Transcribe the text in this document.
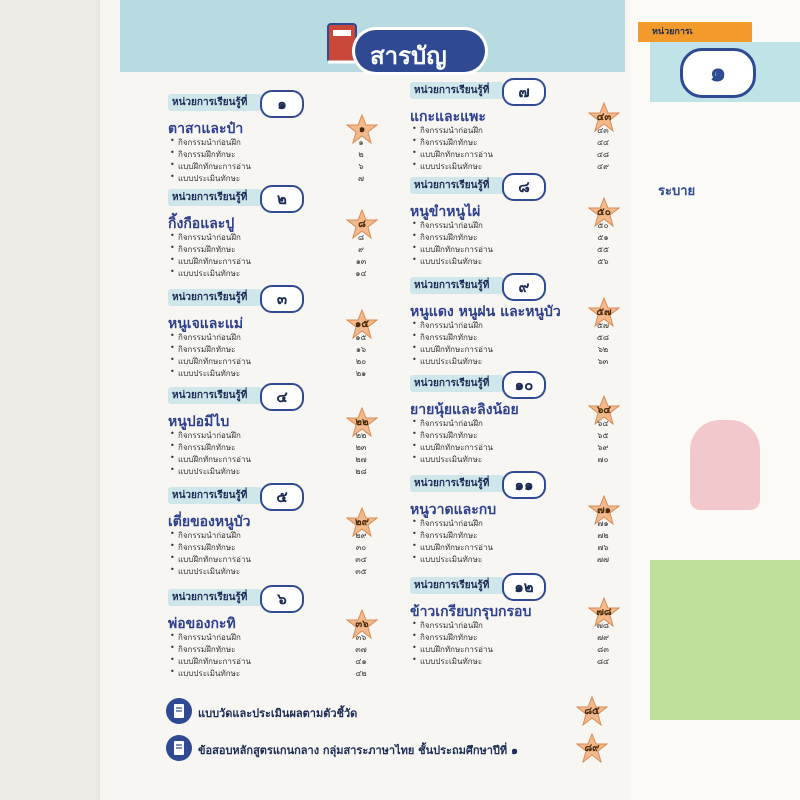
สารบัญ
หน่วยการเรียนรู้ที่	๑
๑
ตาสาและป๋า
• กิจกรรมนำก่อนฝึก	๑
• กิจกรรมฝึกทักษะ	๒
• แบบฝึกทักษะการอ่าน	๖
• แบบประเมินทักษะ	๗
หน่วยการเรียนรู้ที่	๒
๘
กิ้งกือและปู
• กิจกรรมนำก่อนฝึก	๘
• กิจกรรมฝึกทักษะ	๙
• แบบฝึกทักษะการอ่าน	๑๓
• แบบประเมินทักษะ	๑๔
หน่วยการเรียนรู้ที่	๓
๑๕
หนูเจและแม่
• กิจกรรมนำก่อนฝึก	๑๕
• กิจกรรมฝึกทักษะ	๑๖
• แบบฝึกทักษะการอ่าน	๒๐
• แบบประเมินทักษะ	๒๑
หน่วยการเรียนรู้ที่	๔
๒๒
หนูปอมีไบ
• กิจกรรมนำก่อนฝึก	๒๒
• กิจกรรมฝึกทักษะ	๒๓
• แบบฝึกทักษะการอ่าน	๒๗
• แบบประเมินทักษะ	๒๘
หน่วยการเรียนรู้ที่	๕
๒๙
เตี่ยของหนูบัว
• กิจกรรมนำก่อนฝึก	๒๙
• กิจกรรมฝึกทักษะ	๓๐
• แบบฝึกทักษะการอ่าน	๓๔
• แบบประเมินทักษะ	๓๕
หน่วยการเรียนรู้ที่	๖
๓๖
พ่อของกะทิ
• กิจกรรมนำก่อนฝึก	๓๖
• กิจกรรมฝึกทักษะ	๓๗
• แบบฝึกทักษะการอ่าน	๔๑
• แบบประเมินทักษะ	๔๒
หน่วยการเรียนรู้ที่	๗
๔๓
แกะและแพะ
• กิจกรรมนำก่อนฝึก	๔๓
• กิจกรรมฝึกทักษะ	๔๔
• แบบฝึกทักษะการอ่าน	๔๘
• แบบประเมินทักษะ	๔๙
หน่วยการเรียนรู้ที่	๘
๕๐
หนูขำหนูไผ่
• กิจกรรมนำก่อนฝึก	๕๐
• กิจกรรมฝึกทักษะ	๕๑
• แบบฝึกทักษะการอ่าน	๕๕
• แบบประเมินทักษะ	๕๖
หน่วยการเรียนรู้ที่	๙
๕๗
หนูแดง หนูฝน และหนูบัว
• กิจกรรมนำก่อนฝึก	๕๗
• กิจกรรมฝึกทักษะ	๕๘
• แบบฝึกทักษะการอ่าน	๖๒
• แบบประเมินทักษะ	๖๓
หน่วยการเรียนรู้ที่	๑๐
๖๔
ยายนุ้ยและลิงน้อย
• กิจกรรมนำก่อนฝึก	๖๔
• กิจกรรมฝึกทักษะ	๖๕
• แบบฝึกทักษะการอ่าน	๖๙
• แบบประเมินทักษะ	๗๐
หน่วยการเรียนรู้ที่	๑๑
๗๑
หนูวาดและกบ
• กิจกรรมนำก่อนฝึก	๗๑
• กิจกรรมฝึกทักษะ	๗๒
• แบบฝึกทักษะการอ่าน	๗๖
• แบบประเมินทักษะ	๗๗
หน่วยการเรียนรู้ที่	๑๒
๗๘
ข้าวเกรียบกรุบกรอบ
• กิจกรรมนำก่อนฝึก	๗๘
• กิจกรรมฝึกทักษะ	๗๙
• แบบฝึกทักษะการอ่าน	๘๓
• แบบประเมินทักษะ	๘๔
แบบวัดและประเมินผลตามตัวชี้วัด	๘๕
ข้อสอบหลักสูตรแกนกลาง กลุ่มสาระภาษาไทย ชั้นประถมศึกษาปีที่ ๑	๘๙
หน่วยการเ
๑
ระบาย
